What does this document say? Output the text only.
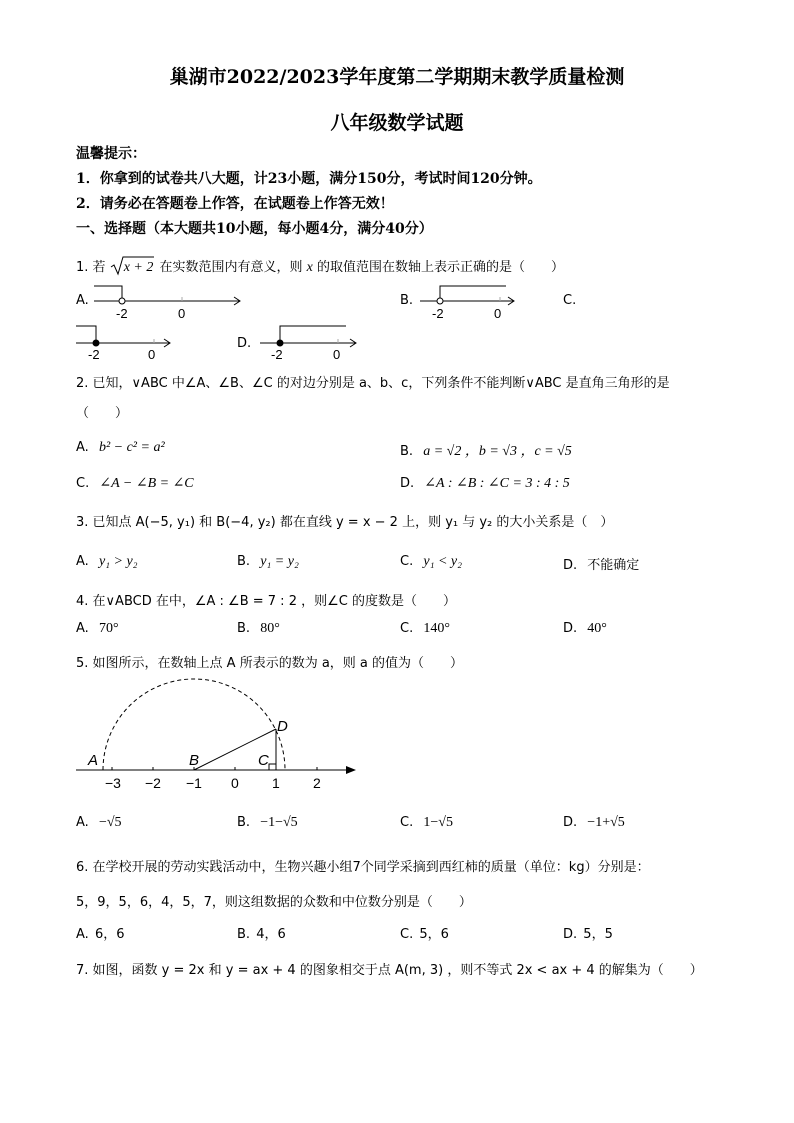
巢湖市2022/2023学年度第二学期期末教学质量检测
八年级数学试题
温馨提示：
1．你拿到的试卷共八大题，计23小题，满分150分，考试时间120分钟。
2．请务必在答题卷上作答，在试题卷上作答无效！
一、选择题（本大题共10小题，每小题4分，满分40分）
1. 若 x + 2 在实数范围内有意义，则 x 的取值范围在数轴上表示正确的是（　　）
A.
-2	0
B.
-2	0
C.
-2	0
D.
-2	0
2. 已知，∨ABC 中∠A、∠B、∠C 的对边分别是 a、b、c，下列条件不能判断∨ABC 是直角三角形的是
（　　）
A. b² − c² = a²	B. a = √2 ，b = √3 ，c = √5
C. ∠A − ∠B = ∠C	D. ∠A : ∠B : ∠C = 3 : 4 : 5
3. 已知点 A(−5, y₁) 和 B(−4, y₂) 都在直线 y = x − 2 上，则 y₁ 与 y₂ 的大小关系是（　）
A. y₁ > y₂	B. y₁ = y₂	C. y₁ < y₂	D. 不能确定
4. 在∨ABCD 在中，∠A : ∠B = 7 : 2 ，则∠C 的度数是（　　）
A. 70°	B. 80°	C. 140°	D. 40°
5. 如图所示，在数轴上点 A 所表示的数为 a，则 a 的值为（　　）
A	B	C
D
−3 −2 −1 0 1 2
A. −√5	B. −1−√5	C. 1−√5	D. −1+√5
6. 在学校开展的劳动实践活动中，生物兴趣小组7个同学采摘到西红柿的质量（单位：kg）分别是：
5，9，5，6，4，5，7，则这组数据的众数和中位数分别是（　　）
A. 6，6	B. 4，6	C. 5，6	D. 5，5
7. 如图，函数 y = 2x 和 y = ax + 4 的图象相交于点 A(m, 3) ，则不等式 2x < ax + 4 的解集为（　　）
